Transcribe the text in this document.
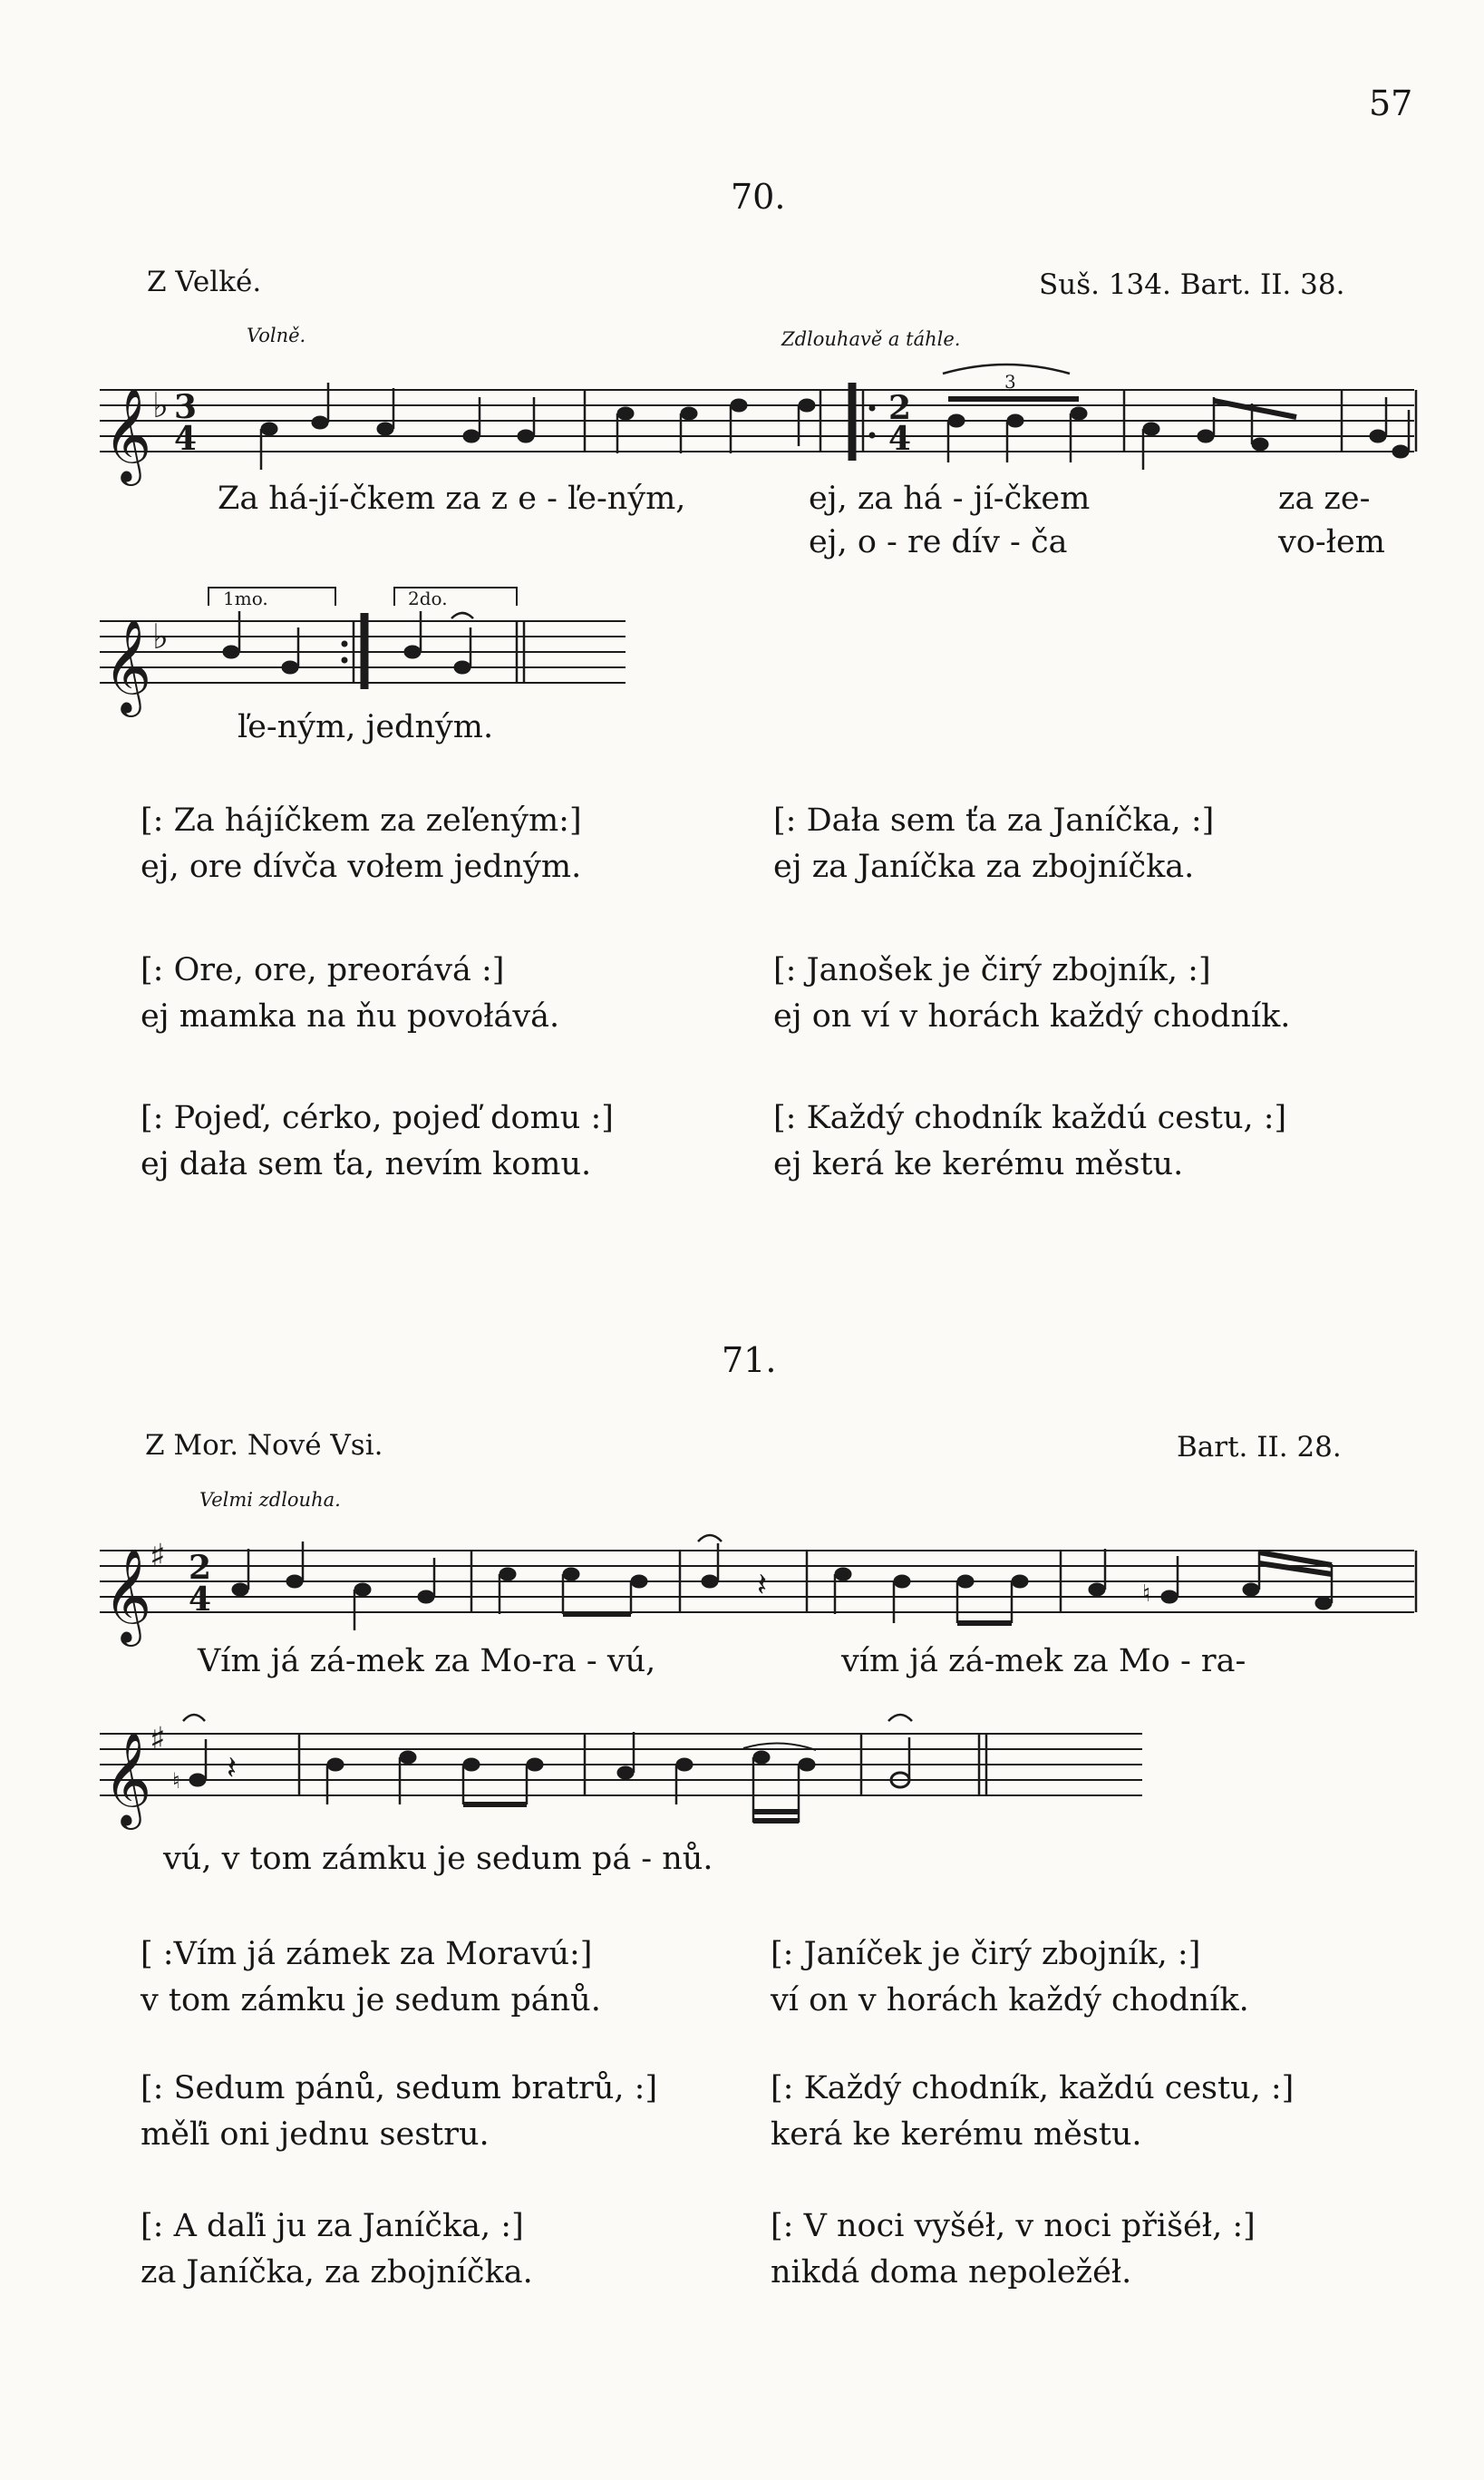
57
70.
Z Velké.	Suš. 134. Bart. II. 38.
Volně.	Zdlouhavě a táhle.
𝄞 ♭ 3
4
2
4
3
Za há-jí-čkem za z e - ľe-ným,	ej, za há - jí-čkem	za ze-
ej, o - re dív - ča	vo-łem
𝄞 ♭
1mo.	2do.
ľe-ným, jedným.
[: Za hájíčkem za zeľeným:]
ej, ore dívča vołem jedným.
[: Ore, ore, preorává :]
ej mamka na ňu povołává.
[: Pojeď, cérko, pojeď domu :]
ej dała sem ťa, nevím komu.
[: Dała sem ťa za Janíčka, :]
ej za Janíčka za zbojníčka.
[: Janošek je čirý zbojník, :]
ej on ví v horách každý chodník.
[: Každý chodník každú cestu, :]
ej kerá ke kerému městu.
71.
Z Mor. Nové Vsi.	Bart. II. 28.
Velmi zdlouha.
𝄞
♯ 2
4	𝄽	♮
Vím já zá-mek za Mo-ra - vú,	vím já zá-mek za Mo - ra-
𝄞
♯
♮ 𝄽
vú, v tom zámku je sedum pá - nů.
[ :Vím já zámek za Moravú:]
v tom zámku je sedum pánů.
[: Sedum pánů, sedum bratrů, :]
měľi oni jednu sestru.
[: A daľi ju za Janíčka, :]
za Janíčka, za zbojníčka.
[: Janíček je čirý zbojník, :]
ví on v horách každý chodník.
[: Každý chodník, každú cestu, :]
kerá ke kerému městu.
[: V noci vyšéł, v noci přišéł, :]
nikdá doma nepoležéł.
